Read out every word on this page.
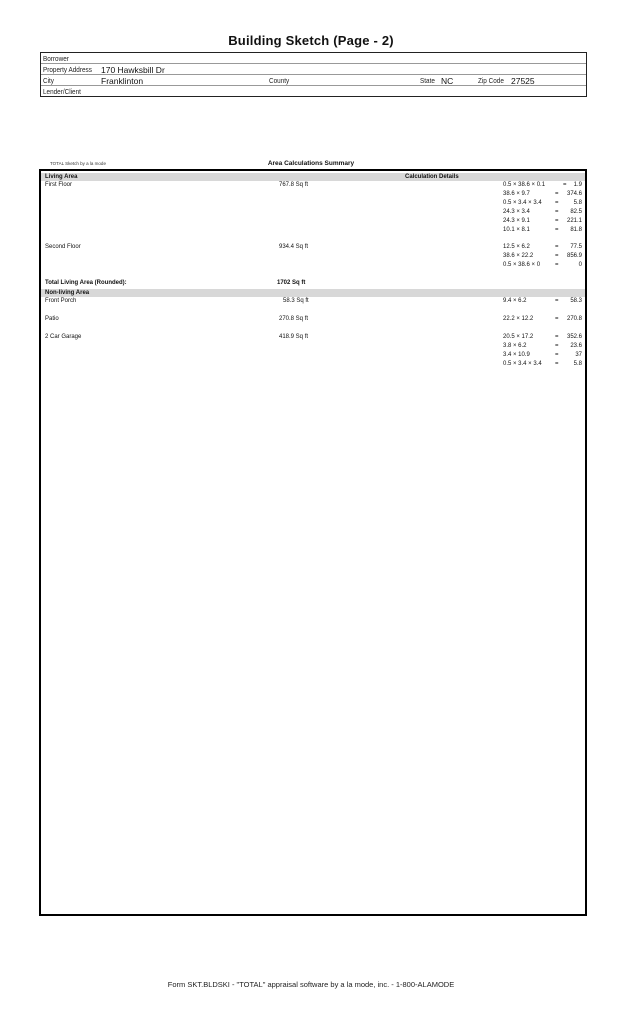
Building Sketch (Page - 2)
Borrower
Property Address 170 Hawksbill Dr
City	Franklinton	County	State NC	Zip Code 27525
Lender/Client
TOTAL Sketch by a la mode	Area Calculations Summary
Living Area	Calculation Details
First Floor	767.8 Sq ft	0.5 × 38.6 × 0.1	=	1.9
38.6 × 9.7	=	374.6
0.5 × 3.4 × 3.4 =	5.8
24.3 × 3.4	=	82.5
24.3 × 9.1	=	221.1
10.1 × 8.1	=	81.8
Second Floor	934.4 Sq ft	12.5 × 6.2	=	77.5
38.6 × 22.2	=	856.9
0.5 × 38.6 × 0 =	0
Total Living Area (Rounded):	1702 Sq ft
Non-living Area
Front Porch	58.3 Sq ft	9.4 × 6.2	=	58.3
Patio	270.8 Sq ft	22.2 × 12.2	=	270.8
2 Car Garage	418.9 Sq ft	20.5 × 17.2	=	352.6
3.8 × 6.2	=	23.6
3.4 × 10.9	=	37
0.5 × 3.4 × 3.4 =	5.8
Form SKT.BLDSKI - "TOTAL" appraisal software by a la mode, inc. - 1-800-ALAMODE
